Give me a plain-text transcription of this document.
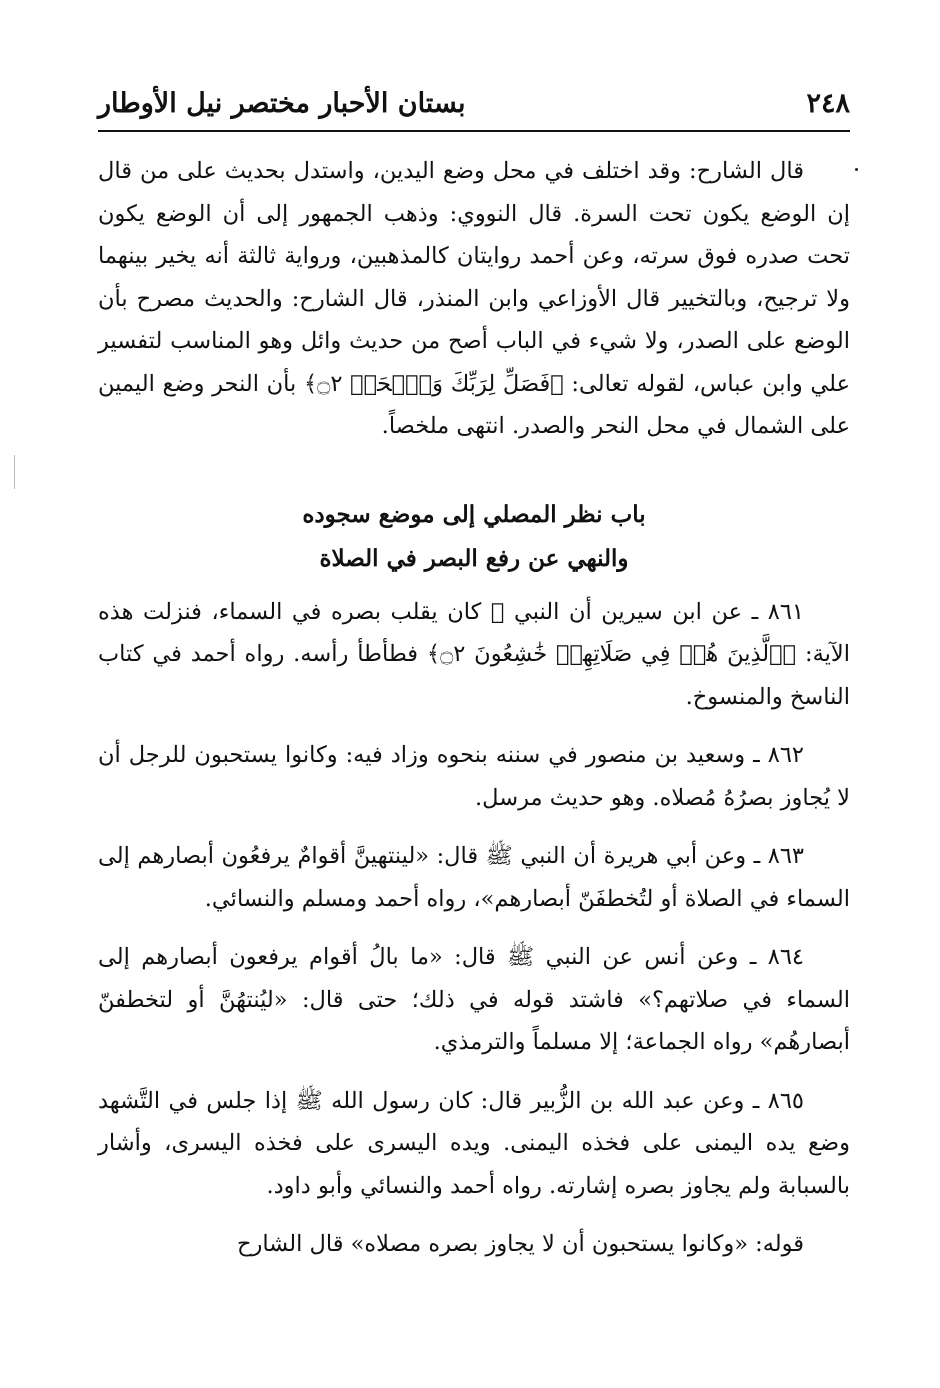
٢٤٨
بستان الأحبار مختصر نيل الأوطار

قال الشارح: وقد اختلف في محل وضع اليدين، واستدل بحديث على من قال إن الوضع يكون تحت السرة. قال النووي: وذهب الجمهور إلى أن الوضع يكون تحت صدره فوق سرته، وعن أحمد روايتان كالمذهبين، ورواية ثالثة أنه يخير بينهما ولا ترجيح، وبالتخيير قال الأوزاعي وابن المنذر، قال الشارح: والحديث مصرح بأن الوضع على الصدر، ولا شيء في الباب أصح من حديث وائل وهو المناسب لتفسير علي وابن عباس، لقوله تعالى: ﴿فَصَلِّ لِرَبِّكَ وَٱنۡحَرۡ ۝٢﴾ بأن النحر وضع اليمين على الشمال في محل النحر والصدر. انتهى ملخصاً.

باب نظر المصلي إلى موضع سجوده

والنهي عن رفع البصر في الصلاة

٨٦١ ـ عن ابن سيرين أن النبي ﷺ كان يقلب بصره في السماء، فنزلت هذه الآية: ﴿ٱلَّذِينَ هُمۡ فِي صَلَاتِهِمۡ خَٰشِعُونَ ۝٢﴾ فطأطأ رأسه. رواه أحمد في كتاب الناسخ والمنسوخ.

٨٦٢ ـ وسعيد بن منصور في سننه بنحوه وزاد فيه: وكانوا يستحبون للرجل أن لا يُجاوز بصرُهُ مُصلاه. وهو حديث مرسل.

٨٦٣ ـ وعن أبي هريرة أن النبي ﷺ قال: «لينتهينَّ أقوامٌ يرفعُون أبصارهم إلى السماء في الصلاة أو لتُخطفَنّ أبصارهم»، رواه أحمد ومسلم والنسائي.

٨٦٤ ـ وعن أنس عن النبي ﷺ قال: «ما بالُ أقوام يرفعون أبصارهم إلى السماء في صلاتهم؟» فاشتد قوله في ذلك؛ حتى قال: «ليُنتهُنَّ أو لتخطفنّ أبصارهُم» رواه الجماعة؛ إلا مسلماً والترمذي.

٨٦٥ ـ وعن عبد الله بن الزُّبير قال: كان رسول الله ﷺ إذا جلس في التَّشهد وضع يده اليمنى على فخذه اليمنى. ويده اليسرى على فخذه اليسرى، وأشار بالسبابة ولم يجاوز بصره إشارته. رواه أحمد والنسائي وأبو داود.

قوله: «وكانوا يستحبون أن لا يجاوز بصره مصلاه» قال الشارح
